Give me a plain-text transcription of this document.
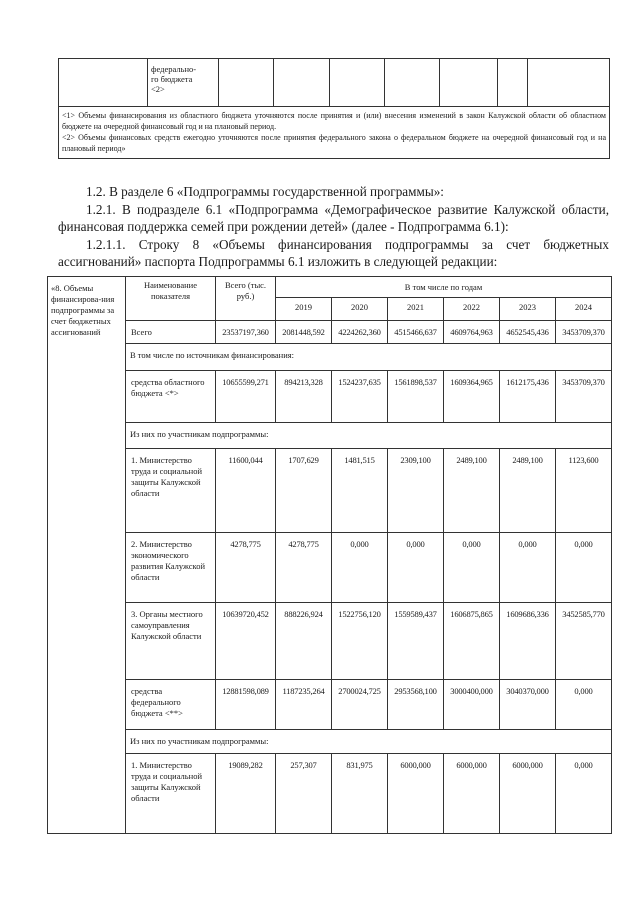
федерально-
го бюджета
<2>

<1> Объемы финансирования из областного бюджета уточняются после принятия и (или) внесения изменений в закон Калужской области об областном бюджете на очередной финансовый год и на плановый период.
<2> Объемы финансовых средств ежегодно уточняются после принятия федерального закона о федеральном бюджете на очередной финансовый год и на плановый период»

1.2. В разделе 6 «Подпрограммы государственной программы»:

1.2.1. В подразделе 6.1 «Подпрограмма «Демографическое развитие Калужской области, финансовая поддержка семей при рождении детей» (далее - Подпрограмма 6.1):

1.2.1.1. Строку 8 «Объемы финансирования подпрограммы за счет бюджетных ассигнований» паспорта Подпрограммы 6.1 изложить в следующей редакции:

«8. Объемы финансирова-ния подпрограммы за счет бюджетных ассигнований	Наименование показателя	Всего (тыс. руб.)	В том числе по годам					
			2019	2020	2021	2022	2023	2024
	Всего	23537197,360	2081448,592	4224262,360	4515466,637	4609764,963	4652545,436	3453709,370
	В том числе по источникам финансирования:							
	средства областного бюджета <*>	10655599,271	894213,328	1524237,635	1561898,537	1609364,965	1612175,436	3453709,370
	Из них по участникам подпрограммы:							
	1. Министерство труда и социальной защиты Калужской области	11600,044	1707,629	1481,515	2309,100	2489,100	2489,100	1123,600
	2. Министерство экономического развития Калужской области	4278,775	4278,775	0,000	0,000	0,000	0,000	0,000
	3. Органы местного самоуправления Калужской области	10639720,452	888226,924	1522756,120	1559589,437	1606875,865	1609686,336	3452585,770
	средства федерального бюджета <**>	12881598,089	1187235,264	2700024,725	2953568,100	3000400,000	3040370,000	0,000
	Из них по участникам подпрограммы:							
	1. Министерство труда и социальной защиты Калужской области	19089,282	257,307	831,975	6000,000	6000,000	6000,000	0,000
